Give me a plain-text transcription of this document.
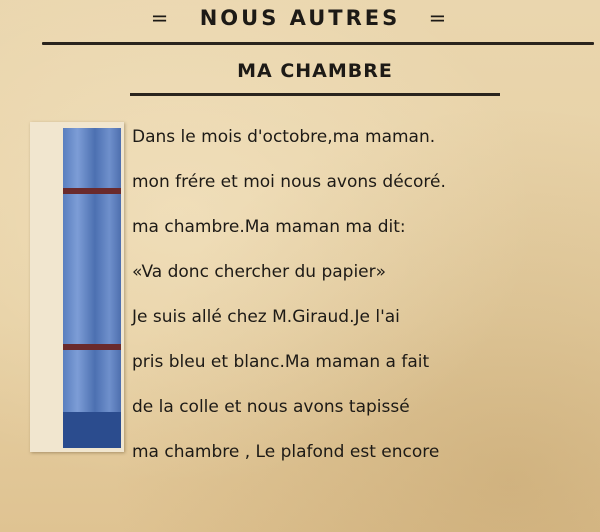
= NOUS AUTRES =
MA CHAMBRE
Dans le mois d'octobre,ma maman.
mon frére et moi nous avons décoré.
ma chambre.Ma maman ma dit:
«Va donc chercher du papier»
Je suis allé chez M.Giraud.Je l'ai
pris bleu et blanc.Ma maman a fait
de la colle et nous avons tapissé
ma chambre , Le plafond est encore
